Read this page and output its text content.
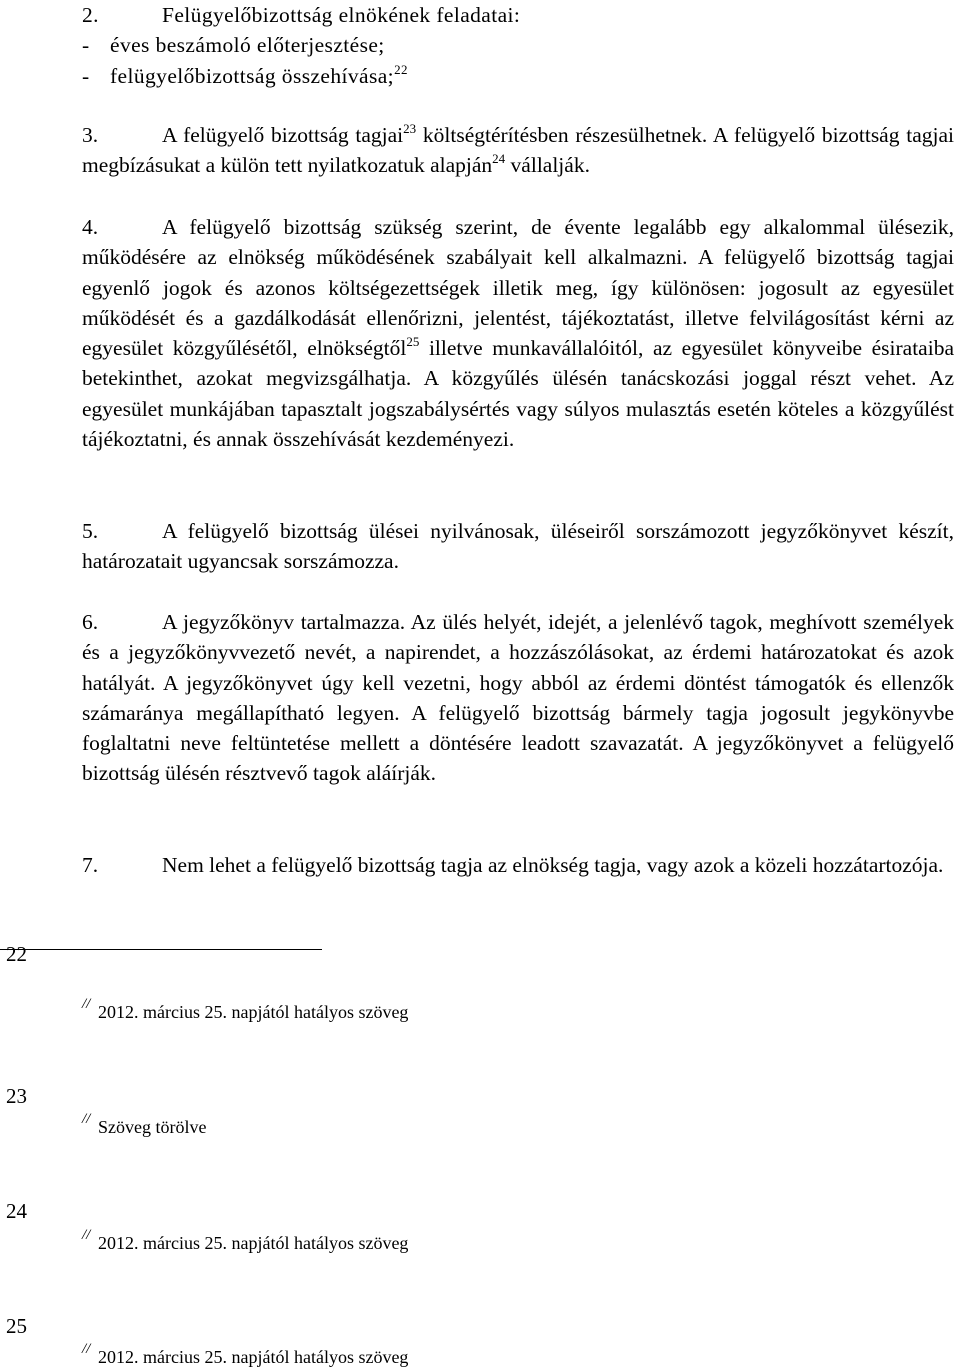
2.	Felügyelőbizottság elnökének feladatai:

- éves beszámoló előterjesztése;

- felügyelőbizottság összehívása;$^{22}$

3.	A felügyelő bizottság tagjai$^{23}$ költségtérítésben részesülhetnek. A felügyelő bizottság tagjai megbízásukat a külön tett nyilatkozatuk alapján$^{24}$ vállalják.

4.	A felügyelő bizottság szükség szerint, de évente legalább egy alkalommal ülésezik, működésére az elnökség működésének szabályait kell alkalmazni. A felügyelő bizottság tagjai egyenlő jogok és azonos költségezettségek illetik meg, így különösen: jogosult az egyesület működését és a gazdálkodását ellenőrizni, jelentést, tájékoztatást, illetve felvilágosítást kérni az egyesület közgyűlésétől, elnökségtől$^{25}$ illetve munkavállalóitól, az egyesület könyveibe ésirataiba betekinthet, azokat megvizsgálhatja. A közgyűlés ülésén tanácskozási joggal részt vehet. Az egyesület munkájában tapasztalt jogszabálysértés vagy súlyos mulasztás esetén köteles a közgyűlést tájékoztatni, és annak összehívását kezdeményezi.

5.	A felügyelő bizottság ülései nyilvánosak, üléseiről sorszámozott jegyzőkönyvet készít, határozatait ugyancsak sorszámozza.

6.	A jegyzőkönyv tartalmazza. Az ülés helyét, idejét, a jelenlévő tagok, meghívott személyek és a jegyzőkönyvvezető nevét, a napirendet, a hozzászólásokat, az érdemi határozatokat és azok hatályát. A jegyzőkönyvet úgy kell vezetni, hogy abból az érdemi döntést támogatók és ellenzők számaránya megállapítható legyen. A felügyelő bizottság bármely tagja jogosult jegykönyvbe foglaltatni neve feltüntetése mellett a döntésére leadott szavazatát. A jegyzőkönyvet a felügyelő bizottság ülésén résztvevő tagok aláírják.

7.	Nem lehet a felügyelő bizottság tagja az elnökség tagja, vagy azok a közeli hozzátartozója.

22
// 2012. március 25. napjától hatályos szöveg
23
// Szöveg törölve
24
// 2012. március 25. napjától hatályos szöveg
25
// 2012. március 25. napjától hatályos szöveg
